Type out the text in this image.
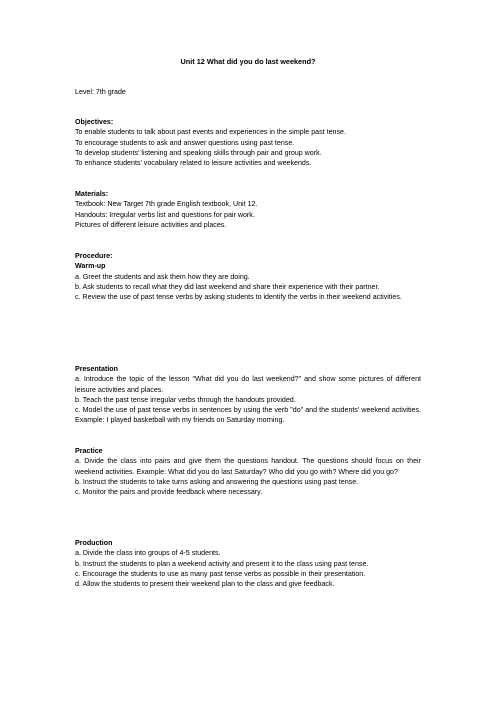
Unit 12 What did you do last weekend?
Level: 7th grade
Objectives:
To enable students to talk about past events and experiences in the simple past tense.
To encourage students to ask and answer questions using past tense.
To develop students' listening and speaking skills through pair and group work.
To enhance students' vocabulary related to leisure activities and weekends.
Materials:
Textbook: New Target 7th grade English textbook, Unit 12.
Handouts: Irregular verbs list and questions for pair work.
Pictures of different leisure activities and places.
Procedure:
Warm-up
a. Greet the students and ask them how they are doing.
b. Ask students to recall what they did last weekend and share their experience with their partner.
c. Review the use of past tense verbs by asking students to identify the verbs in their weekend activities.
Presentation
a. Introduce the topic of the lesson "What did you do last weekend?" and show some pictures of different leisure activities and places.
b. Teach the past tense irregular verbs through the handouts provided.
c. Model the use of past tense verbs in sentences by using the verb "do" and the students' weekend activities. Example: I played basketball with my friends on Saturday morning.
Practice
a. Divide the class into pairs and give them the questions handout. The questions should focus on their weekend activities. Example: What did you do last Saturday? Who did you go with? Where did you go?
b. Instruct the students to take turns asking and answering the questions using past tense.
c. Monitor the pairs and provide feedback where necessary.
Production
a. Divide the class into groups of 4-5 students.
b. Instruct the students to plan a weekend activity and present it to the class using past tense.
c. Encourage the students to use as many past tense verbs as possible in their presentation.
d. Allow the students to present their weekend plan to the class and give feedback.
